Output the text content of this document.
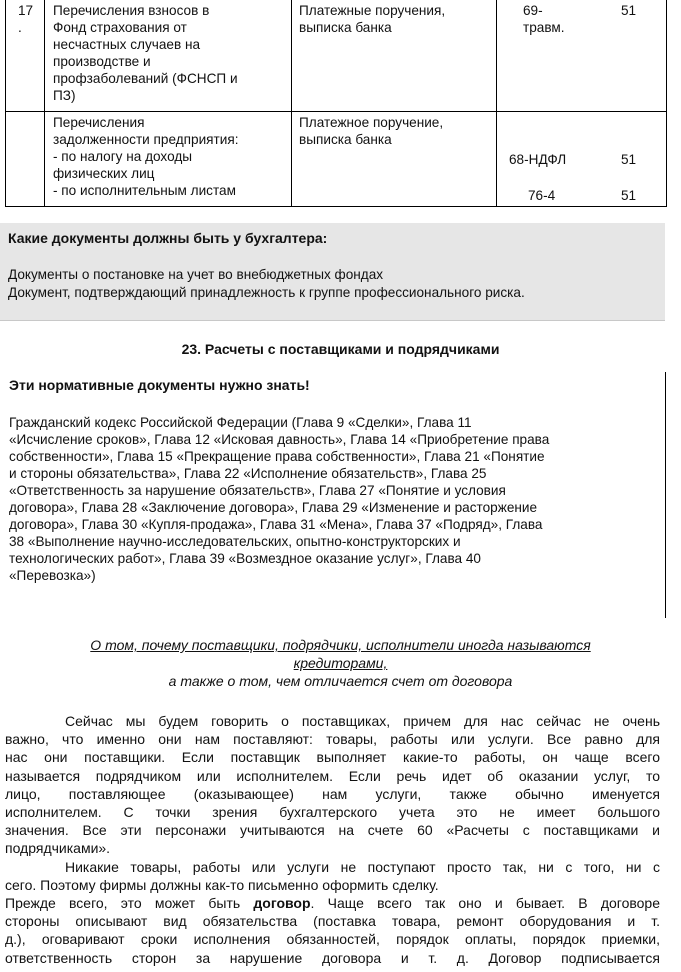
17
.
Перечисления взносов в
Фонд страхования от
несчастных случаев на
производстве и
профзаболеваний (ФСНСП и
ПЗ)
Платежные поручения,
выписка банка
69-
травм.
51
Перечисления
задолженности предприятия:
- по налогу на доходы
физических лиц
- по исполнительным листам
Платежное поручение,
выписка банка
68-НДФЛ	51
76-4	51
Какие документы должны быть у бухгалтера:
Документы о постановке на учет во внебюджетных фондах
Документ, подтверждающий принадлежность к группе профессионального риска.
23. Расчеты с поставщиками и подрядчиками
Эти нормативные документы нужно знать!
Гражданский кодекс Российской Федерации (Глава 9 «Сделки», Глава 11
«Исчисление сроков», Глава 12 «Исковая давность», Глава 14 «Приобретение права
собственности», Глава 15 «Прекращение права собственности», Глава 21 «Понятие
и стороны обязательства», Глава 22 «Исполнение обязательств», Глава 25
«Ответственность за нарушение обязательств», Глава 27 «Понятие и условия
договора», Глава 28 «Заключение договора», Глава 29 «Изменение и расторжение
договора», Глава 30 «Купля-продажа», Глава 31 «Мена», Глава 37 «Подряд», Глава
38 «Выполнение научно-исследовательских, опытно-конструкторских и
технологических работ», Глава 39 «Возмездное оказание услуг», Глава 40
«Перевозка»)
О том, почему поставщики, подрядчики, исполнители иногда называются
кредиторами,
а также о том, чем отличается счет от договора
Сейчас мы будем говорить о поставщиках, причем для нас сейчас не очень
важно, что именно они нам поставляют: товары, работы или услуги. Все равно для
нас они поставщики. Если поставщик выполняет какие-то работы, он чаще всего
называется подрядчиком или исполнителем. Если речь идет об оказании услуг, то
лицо, поставляющее (оказывающее) нам услуги, также обычно именуется
исполнителем. С точки зрения бухгалтерского учета это не имеет большого
значения. Все эти персонажи учитываются на счете 60 «Расчеты с поставщиками и
подрядчиками».
Никакие товары, работы или услуги не поступают просто так, ни с того, ни с
сего. Поэтому фирмы должны как-то письменно оформить сделку.
Прежде всего, это может быть договор. Чаще всего так оно и бывает. В договоре
стороны описывают вид обязательства (поставка товара, ремонт оборудования и т.
д.), оговаривают сроки исполнения обязанностей, порядок оплаты, порядок приемки,
ответственность сторон за нарушение договора и т. д. Договор подписывается
